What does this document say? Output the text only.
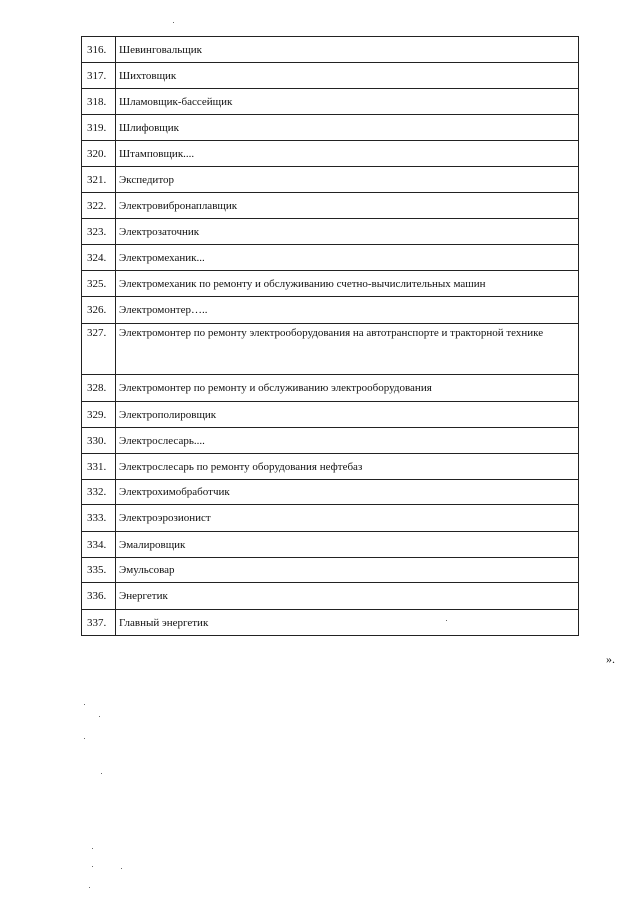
316.	Шевинговальщик
317.	Шихтовщик
318.	Шламовщик-бассейщик
319.	Шлифовщик
320.	Штамповщик....
321.	Экспедитор
322.	Электровибронаплавщик
323.	Электрозаточник
324.	Электромеханик...
325.	Электромеханик по ремонту и обслуживанию счетно-вычислительных машин
326.	Электромонтер…..
327.	Электромонтер по ремонту электрооборудования на автотранспорте и тракторной технике
328.	Электромонтер по ремонту и обслуживанию электрооборудования
329.	Электрополировщик
330.	Электрослесарь....
331.	Электрослесарь по ремонту оборудования нефтебаз
332.	Электрохимобработчик
333.	Электроэрозионист
334.	Эмалировщик
335.	Эмульсовар
336.	Энергетик
337.	Главный энергетик
».
